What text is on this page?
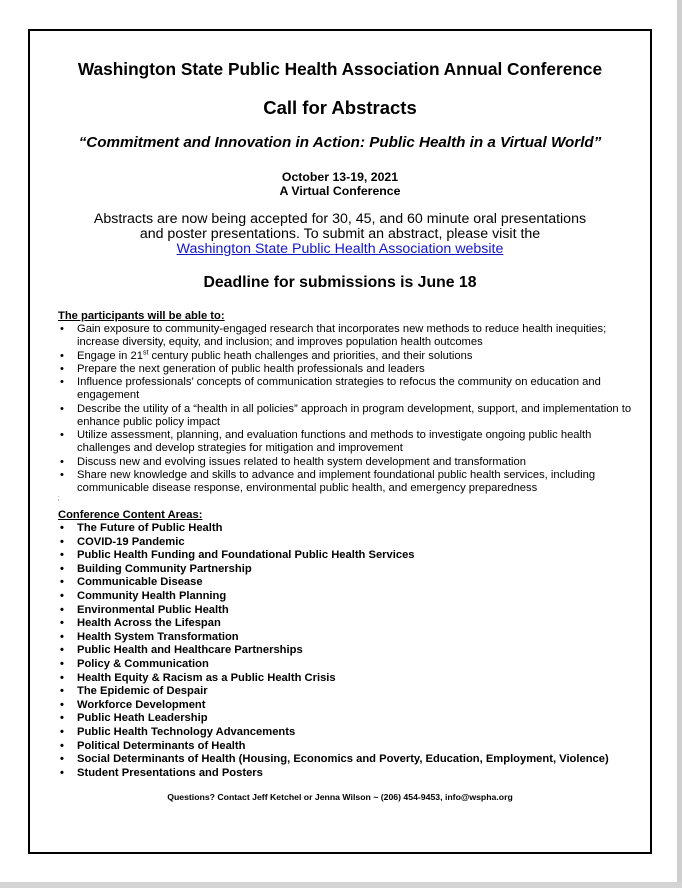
Washington State Public Health Association Annual Conference
Call for Abstracts
“Commitment and Innovation in Action: Public Health in a Virtual World”
October 13-19, 2021
A Virtual Conference
Abstracts are now being accepted for 30, 45, and 60 minute oral presentations
and poster presentations. To submit an abstract, please visit the
Washington State Public Health Association website
Deadline for submissions is June 18
The participants will be able to:
• Gain exposure to community-engaged research that incorporates new methods to reduce health inequities; increase diversity, equity, and inclusion; and improves population health outcomes
• Engage in 21st century public heath challenges and priorities, and their solutions
• Prepare the next generation of public health professionals and leaders
• Influence professionals’ concepts of communication strategies to refocus the community on education and engagement
• Describe the utility of a “health in all policies” approach in program development, support, and implementation to enhance public policy impact
• Utilize assessment, planning, and evaluation functions and methods to investigate ongoing public health challenges and develop strategies for mitigation and improvement
• Discuss new and evolving issues related to health system development and transformation
• Share new knowledge and skills to advance and implement foundational public health services, including communicable disease response, environmental public health, and emergency preparedness
;
Conference Content Areas:
• The Future of Public Health
• COVID-19 Pandemic
• Public Health Funding and Foundational Public Health Services
• Building Community Partnership
• Communicable Disease
• Community Health Planning
• Environmental Public Health
• Health Across the Lifespan
• Health System Transformation
• Public Health and Healthcare Partnerships
• Policy & Communication
• Health Equity & Racism as a Public Health Crisis
• The Epidemic of Despair
• Workforce Development
• Public Heath Leadership
• Public Health Technology Advancements
• Political Determinants of Health
• Social Determinants of Health (Housing, Economics and Poverty, Education, Employment, Violence)
• Student Presentations and Posters
Questions? Contact Jeff Ketchel or Jenna Wilson ~ (206) 454-9453, info@wspha.org
